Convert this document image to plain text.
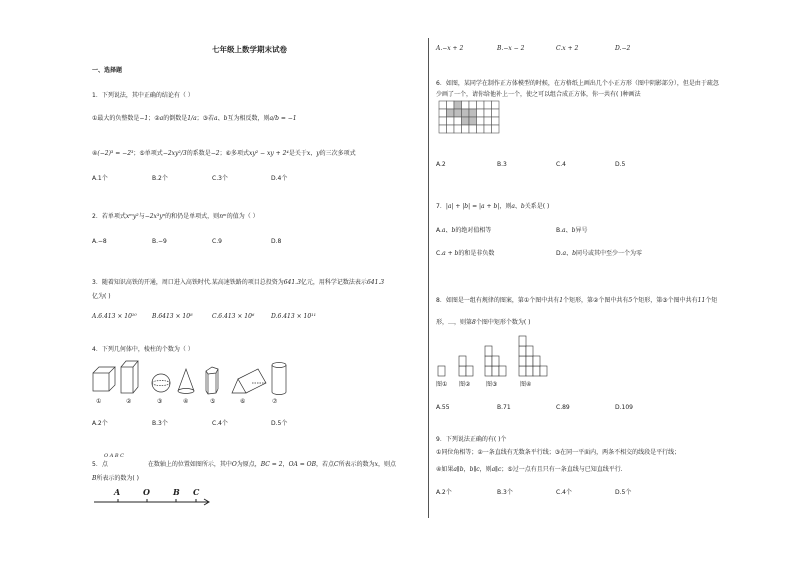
七年级上数学期末试卷
一、选择题
1．下列说法，其中正确的结论有（ ）
①最大的负整数是−1；②a的倒数是1/a；③若a、b互为相反数，则a/b = −1
④(−2)³ = −2³；⑤单项式−2xy²/3的系数是−2；⑥多项式xy² − xy + 2⁴是关于x、y的三次多项式
A.1个	B.2个	C.3个	D.4个
2．若单项式xᵐy²与−2x³yⁿ的和仍是单项式，则nᵐ的值为（ ）
A.−8	B.−9	C.9	D.8
3．随着知识高铁的开通，周口进入高铁时代.某高速铁路的项目总投资为641.3亿元，用科学记数法表示641.3
亿为( )
A.6.413 × 10¹⁰	B.6413 × 10⁸	C.6.413 × 10⁶	D.6.413 × 10¹¹
4．下列几何体中，棱柱的个数为（ ）
①	②	③	④	⑤	⑥	⑦
A.2个	B.3个	C.4个	D.5个
O A B C
5．点	在数轴上的位置如图所示，其中O为原点，BC = 2，OA = OB，若点C所表示的数为x，则点
B所表示的数为( )
A	O	B C
A.−x + 2	B.−x − 2	C.x + 2	D.−2
6．如图，某同学在制作正方体模型的时候，在方格纸上画出几个小正方形（图中阴影部分），但是由于疏忽
少画了一个，请你给他补上一个，使之可以组合成正方体，你一共有( )种画法
A.2	B.3	C.4	D.5
7．|a| + |b| = |a + b|，则a、b关系是( )
A.a、b的绝对值相等	B.a、b异号
C.a + b的和是非负数	D.a、b同号或其中至少一个为零
8．如图是一组有规律的图案，第①个图中共有1个矩形，第②个图中共有5个矩形，第③个图中共有11个矩
形，…，则第8个图中矩形个数为( )
图① 图②	图③	图④
A.55	B.71	C.89	D.109
9．下列说法正确的有( )个
①同位角相等；②一条直线有无数条平行线；③在同一平面内，两条不相交的线段是平行线；
④如果a∥b，b∥c，则a∥c；⑤过一点有且只有一条直线与已知直线平行.
A.2个	B.3个	C.4个	D.5个
